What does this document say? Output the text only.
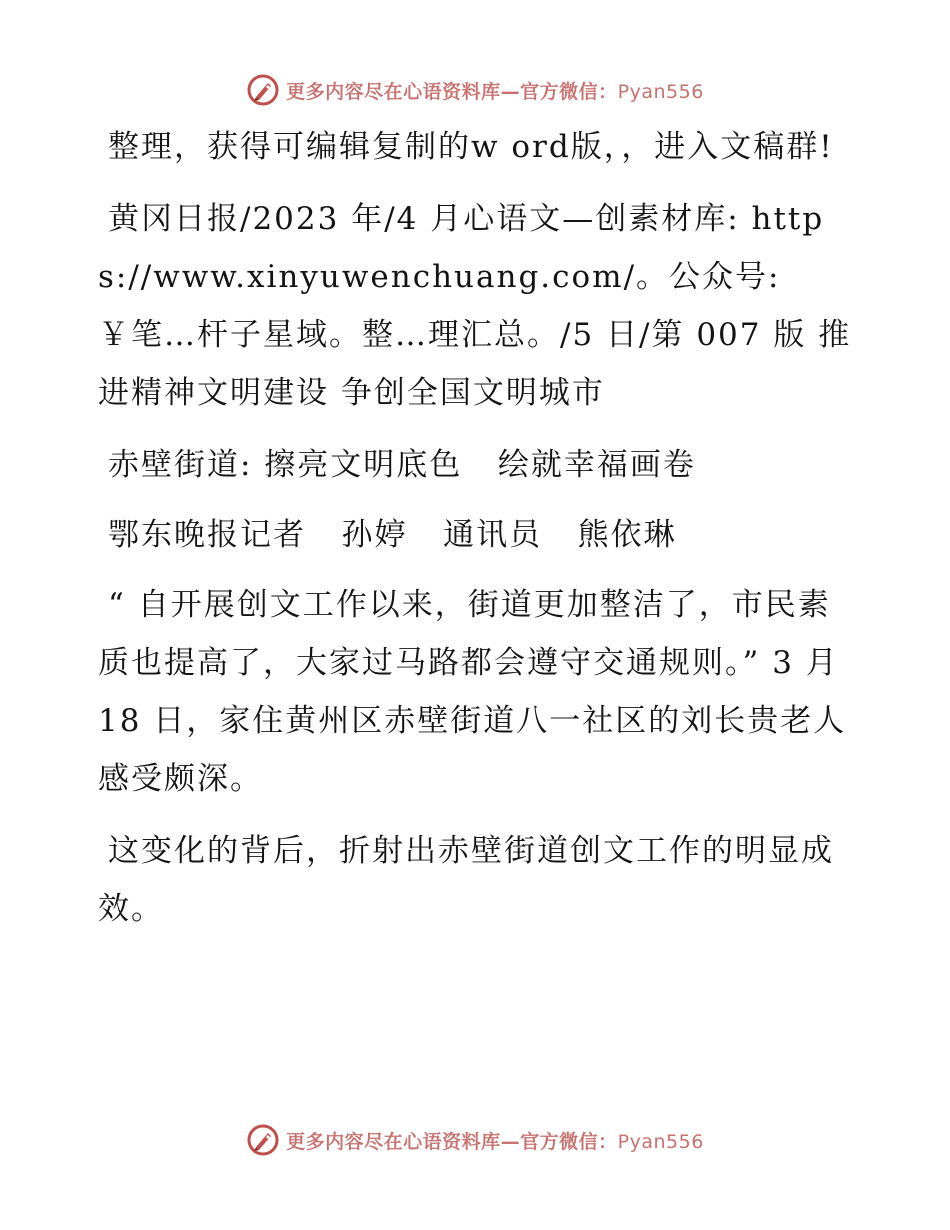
更多内容尽在心语资料库—官方微信：Pyan556

整理，获得可编辑复制的w ord版，，进入文稿群!

黄冈日报/2023 年/4 月心语文—创素材库: https://www.xinyuwenchuang.com/。公众号: ￥笔…杆子星域。整…理汇总。/5 日/第 007 版 推进精神文明建设 争创全国文明城市

赤壁街道: 擦亮文明底色   绘就幸福画卷

鄂东晚报记者   孙婷   通讯员   熊依琳

“ 自开展创文工作以来，街道更加整洁了，市民素质也提高了，大家过马路都会遵守交通规则。” 3 月 18 日，家住黄州区赤壁街道八一社区的刘长贵老人感受颇深。

这变化的背后，折射出赤壁街道创文工作的明显成效。

更多内容尽在心语资料库—官方微信：Pyan556
